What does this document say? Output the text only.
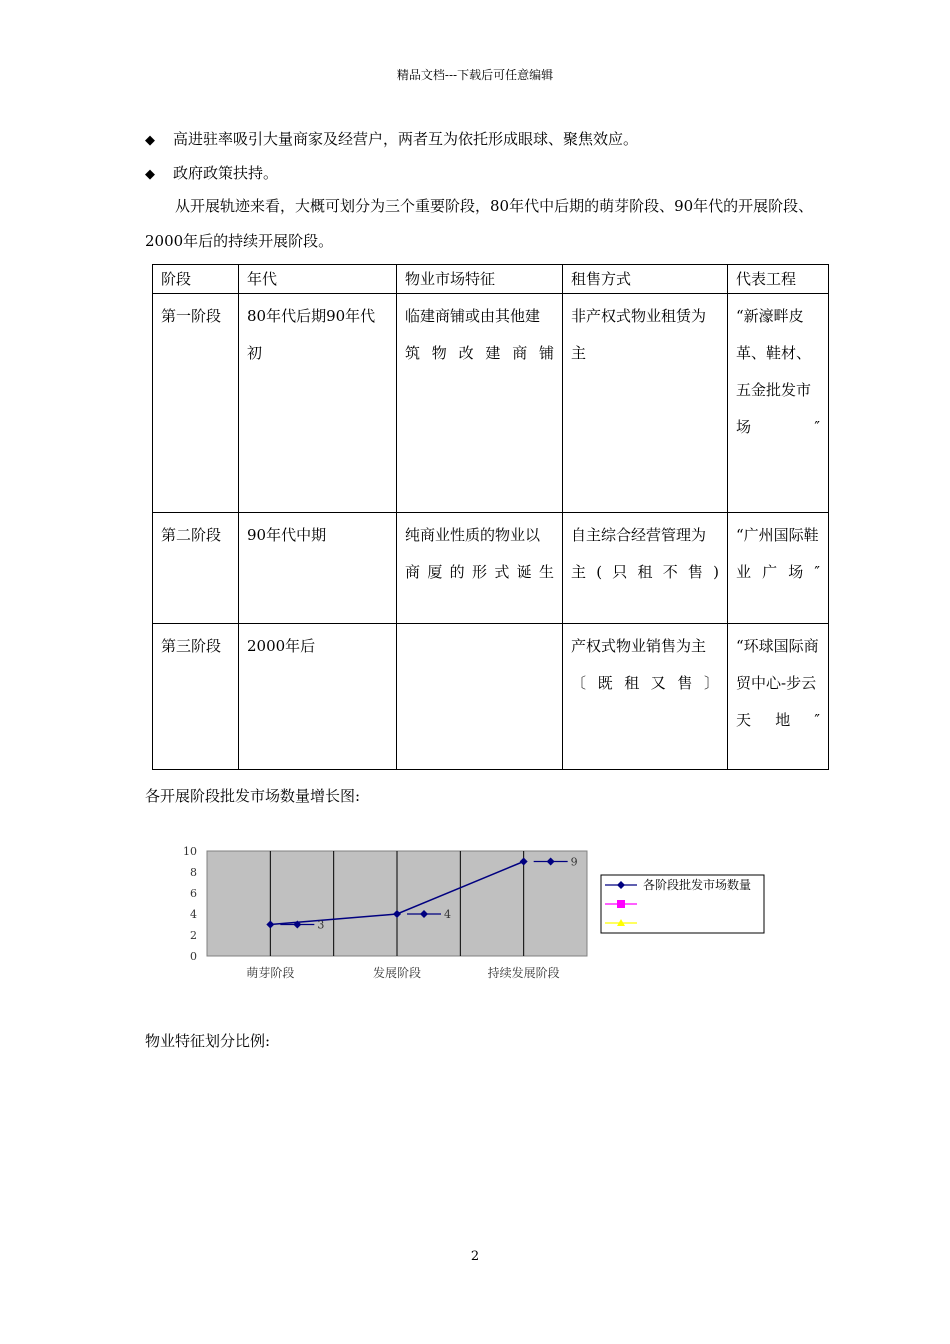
精品文档---下载后可任意编辑
◆ 高进驻率吸引大量商家及经营户，两者互为依托形成眼球、聚焦效应。
◆ 政府政策扶持。
从开展轨迹来看，大概可划分为三个重要阶段，80年代中后期的萌芽阶段、90年代的开展阶段、2000年后的持续开展阶段。
阶段	年代	物业市场特征	租售方式	代表工程
第一阶段	80年代后期90年代初	临建商铺或由其他建筑物改建商铺	非产权式物业租赁为主	“新濠畔皮革、鞋材、五金批发市场″
第二阶段	90年代中期	纯商业性质的物业以商厦的形式诞生	自主综合经营管理为主(只租不售)	“广州国际鞋业广场″
第三阶段	2000年后		产权式物业销售为主〔既租又售〕	“环球国际商贸中心-步云天地″
各开展阶段批发市场数量增长图:
0
2
4
6
8
10
萌芽阶段	发展阶段	持续发展阶段
3
4
9
各阶段批发市场数量
物业特征划分比例:
2
